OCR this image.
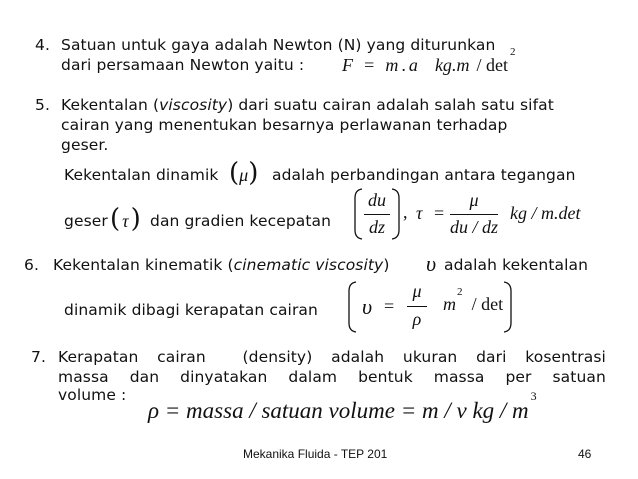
4. Satuan untuk gaya adalah Newton (N) yang diturunkan
dari persamaan Newton yaitu : F = m . a $kg.m / \det^2$
5. Kekentalan (viscosity) dari suatu cairan adalah salah satu sifat
cairan yang menentukan besarnya perlawanan terhadap
geser.
Kekentalan dinamik (μ) adalah perbandingan antara tegangan
geser ( τ) dan gradien kecepatan
du
dz
, τ =
μ
du / dz
kg / m.det
6. Kekentalan kinematik (cinematic viscosity) υ adalah kekentalan
dinamik dibagi kerapatan cairan υ =
μ
ρ
$m^2$ / det
7. Kerapatan cairan (density) adalah ukuran dari kosentrasi
massa dan dinyatakan dalam bentuk massa per satuan
volume :
ρ = massa / satuan volume = m / v kg / $m^3$
Mekanika Fluida - TEP 201	46
